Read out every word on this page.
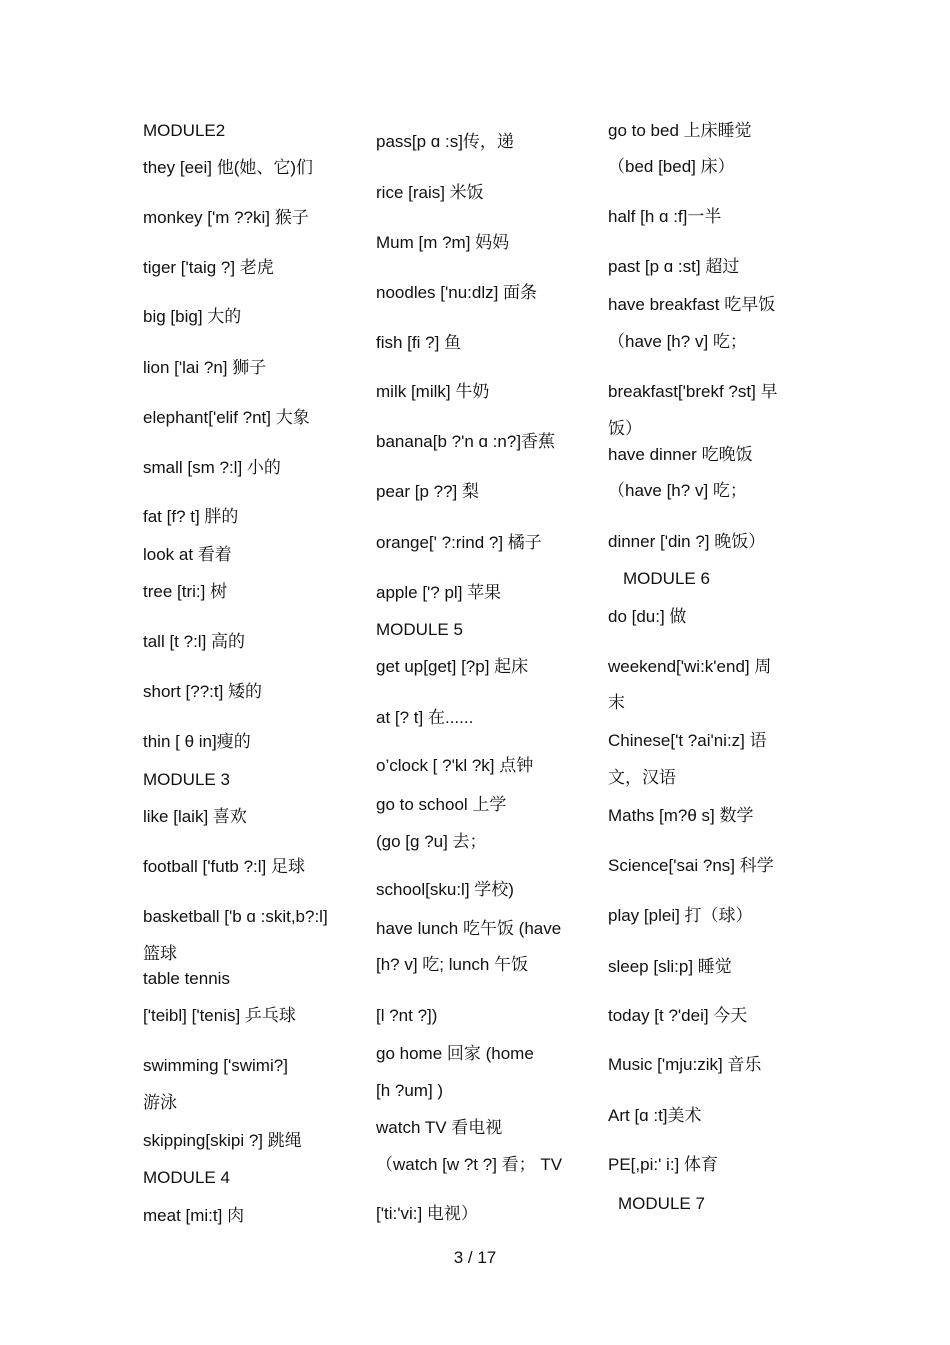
MODULE2
they [eei] 他(她、它)们
monkey ['m ??ki] 猴子
tiger ['taig ?] 老虎
big [big] 大的
lion ['lai ?n] 狮子
elephant['elif ?nt] 大象
small [sm ?:l] 小的
fat [f? t] 胖的
look at 看着
tree [tri:] 树
tall [t ?:l] 高的
short [??:t] 矮的
thin [ θ in]瘦的
MODULE 3
like [laik] 喜欢
football ['futb ?:l] 足球
basketball ['b ɑ :skit,b?:l]
篮球
table tennis
['teibl] ['tenis] 乒乓球
swimming ['swimi?]
游泳
skipping[skipi ?] 跳绳
MODULE 4
meat [mi:t] 肉
pass[p ɑ :s]传，递
rice [rais] 米饭
Mum [m ?m] 妈妈
noodles ['nu:dlz] 面条
fish [fi ?] 鱼
milk [milk] 牛奶
banana[b ?'n ɑ :n?]香蕉
pear [p ??] 梨
orange[' ?:rind ?] 橘子
apple ['? pl] 苹果
MODULE 5
get up[get] [?p] 起床
at [? t] 在......
o’clock [ ?'kl ?k] 点钟
go to school 上学
(go [g ?u] 去；
school[sku:l] 学校)
have lunch 吃午饭 (have
[h? v] 吃; lunch 午饭
[l ?nt ?])
go home 回家 (home
[h ?um] )
watch TV 看电视
（watch [w ?t ?] 看； TV
['ti:'vi:] 电视）
go to bed 上床睡觉
（bed [bed] 床）
half [h ɑ :f]一半
past [p ɑ :st] 超过
have breakfast 吃早饭
（have [h? v] 吃；
breakfast['brekf ?st] 早
饭）
have dinner 吃晚饭
（have [h? v] 吃；
dinner ['din ?] 晚饭）
MODULE 6
do [du:] 做
weekend['wi:k'end] 周
末
Chinese['t ?ai'ni:z] 语
文，汉语
Maths [m?θ s] 数学
Science['sai ?ns] 科学
play [plei] 打（球）
sleep [sli:p] 睡觉
today [t ?'dei] 今天
Music ['mju:zik] 音乐
Art [ɑ :t]美术
PE[,pi:' i:] 体育
MODULE 7
3 / 17
